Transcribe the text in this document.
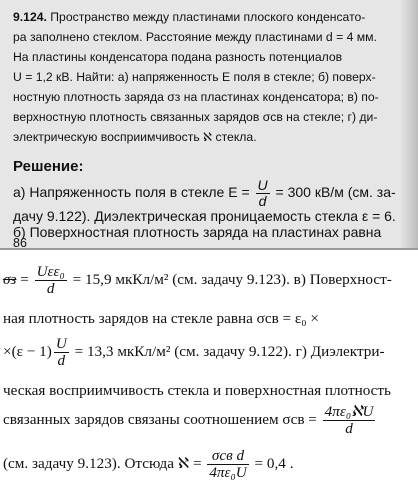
9.124. Пространство между пластинами плоского конденсато-
ра заполнено стеклом. Расстояние между пластинами d = 4 мм.
На пластины конденсатора подана разность потенциалов
U = 1,2 кВ. Найти: а) напряженность E поля в стекле; б) поверх-
ностную плотность заряда σз на пластинах конденсатора; в) по-
верхностную плотность связанных зарядов σсв на стекле; г) ди-
электрическую восприимчивость ℵ стекла.
Решение:
а) Напряженность поля в стекле $E = \frac{U}{d} = 300$ кВ/м (см. за-
дачу 9.122). Диэлектрическая проницаемость стекла ε = 6.
б) Поверхностная плотность заряда на пластинах равна
86
$\sigma з = \frac{\text{Uεε₀}}{d} = 15,9$ мкКл/м² (см. задачу 9.123). в) Поверхност-
ная плотность зарядов на стекле равна σсв = ε₀ ×
$\times(\varepsilon - 1) \frac{U}{d} = 13,3$ мкКл/м² (см. задачу 9.122). г) Диэлектри-
ческая восприимчивость стекла и поверхностная плотность
связанных зарядов связаны соотношением $\sigma св = \frac{\text{4πε₀ℵU}}{d}$
(см. задачу 9.123). Отсюда ℵ = $\frac{\text{σсв d}}{\text{4πε₀U}} = 0,4$ .
